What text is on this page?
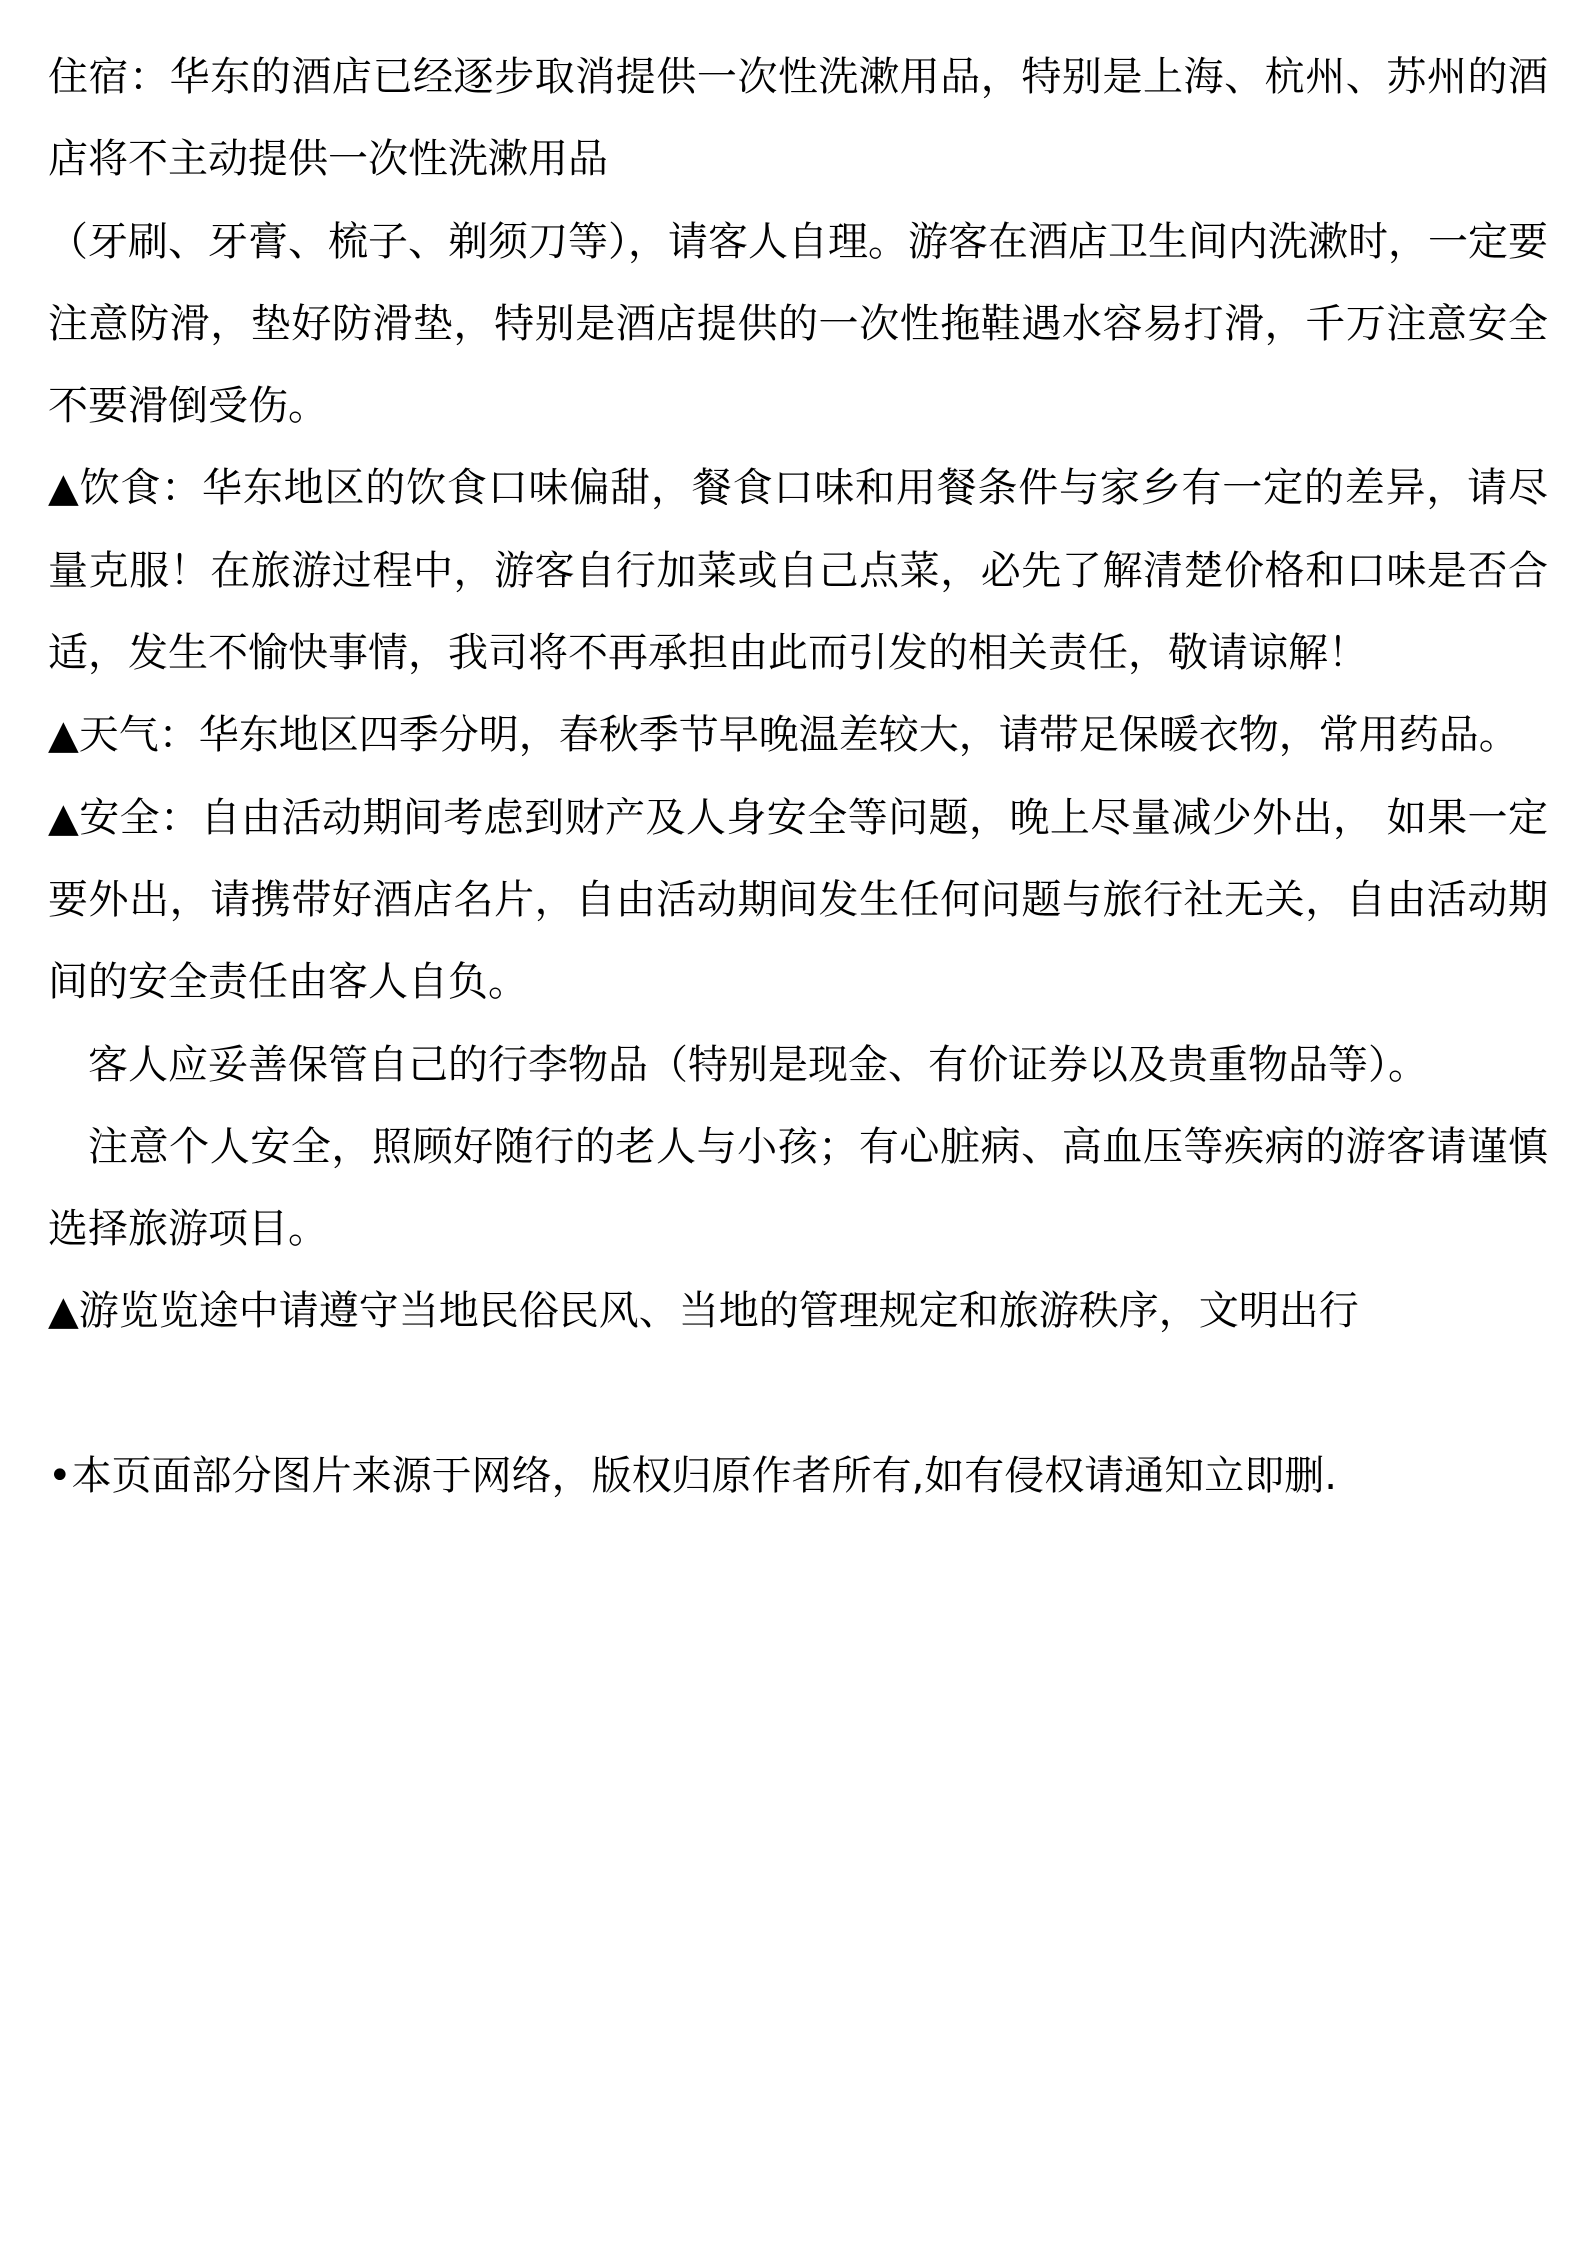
住宿：华东的酒店已经逐步取消提供一次性洗漱用品，特别是上海、杭州、苏州的酒店将不主动提供一次性洗漱用品

（牙刷、牙膏、梳子、剃须刀等），请客人自理。游客在酒店卫生间内洗漱时，一定要注意防滑，垫好防滑垫，特别是酒店提供的一次性拖鞋遇水容易打滑，千万注意安全不要滑倒受伤。

▲饮食：华东地区的饮食口味偏甜，餐食口味和用餐条件与家乡有一定的差异，请尽量克服！在旅游过程中，游客自行加菜或自己点菜，必先了解清楚价格和口味是否合适，发生不愉快事情，我司将不再承担由此而引发的相关责任，敬请谅解！

▲天气：华东地区四季分明，春秋季节早晚温差较大，请带足保暖衣物，常用药品。

▲安全：自由活动期间考虑到财产及人身安全等问题，晚上尽量减少外出， 如果一定要外出，请携带好酒店名片，自由活动期间发生任何问题与旅行社无关，自由活动期间的安全责任由客人自负。

客人应妥善保管自己的行李物品（特别是现金、有价证券以及贵重物品等）。

注意个人安全，照顾好随行的老人与小孩；有心脏病、高血压等疾病的游客请谨慎选择旅游项目。

▲游览览途中请遵守当地民俗民风、当地的管理规定和旅游秩序，文明出行

•本页面部分图片来源于网络，版权归原作者所有,如有侵权请通知立即删.
